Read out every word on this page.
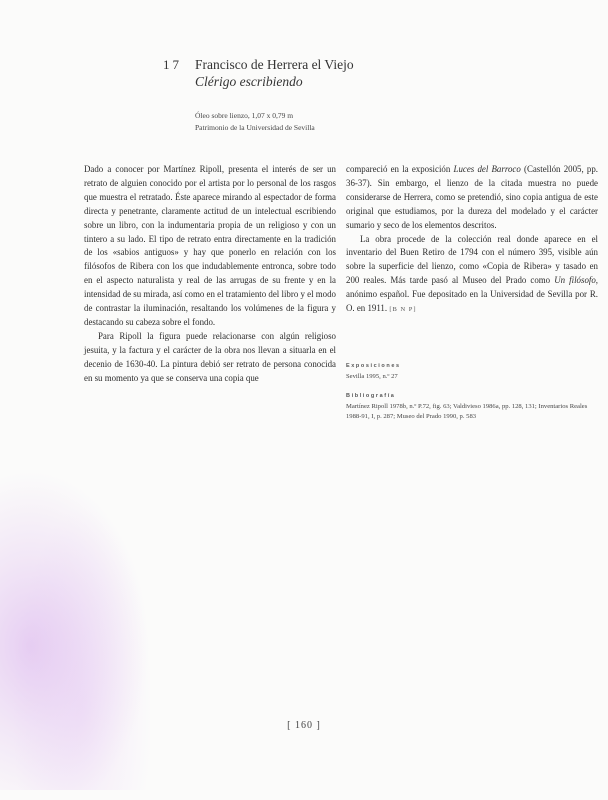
17 Francisco de Herrera el Viejo
Clérigo escribiendo
Óleo sobre lienzo, 1,07 x 0,79 m
Patrimonio de la Universidad de Sevilla

Dado a conocer por Martínez Ripoll, presenta el interés de ser un retrato de alguien conocido por el artista por lo personal de los rasgos que muestra el retratado. Éste aparece mirando al espectador de forma directa y penetrante, claramente actitud de un intelectual escribiendo sobre un libro, con la indumentaria propia de un religioso y con un tintero a su lado. El tipo de retrato entra directamente en la tradición de los «sabios antiguos» y hay que ponerlo en relación con los filósofos de Ribera con los que indudablemente entronca, sobre todo en el aspecto naturalista y real de las arrugas de su frente y en la intensidad de su mirada, así como en el tratamiento del libro y el modo de contrastar la iluminación, resaltando los volúmenes de la figura y destacando su cabeza sobre el fondo.

Para Ripoll la figura puede relacionarse con algún religioso jesuita, y la factura y el carácter de la obra nos llevan a situarla en el decenio de 1630-40. La pintura debió ser retrato de persona conocida en su momento ya que se conserva una copia que

compareció en la exposición Luces del Barroco (Castellón 2005, pp. 36-37). Sin embargo, el lienzo de la citada muestra no puede considerarse de Herrera, como se pretendió, sino copia antigua de este original que estudiamos, por la dureza del modelado y el carácter sumario y seco de los elementos descritos.

La obra procede de la colección real donde aparece en el inventario del Buen Retiro de 1794 con el número 395, visible aún sobre la superficie del lienzo, como «Copia de Ribera» y tasado en 200 reales. Más tarde pasó al Museo del Prado como Un filósofo, anónimo español. Fue depositado en la Universidad de Sevilla por R. O. en 1911. [B N P]

Exposiciones
Sevilla 1995, n.º 27
Bibliografía
Martínez Ripoll 1978b, n.º P.72, fig. 63; Valdivieso 1986a, pp. 128, 131; Inventarios Reales 1988-91, I, p. 287; Museo del Prado 1990, p. 583
[ 160 ]
